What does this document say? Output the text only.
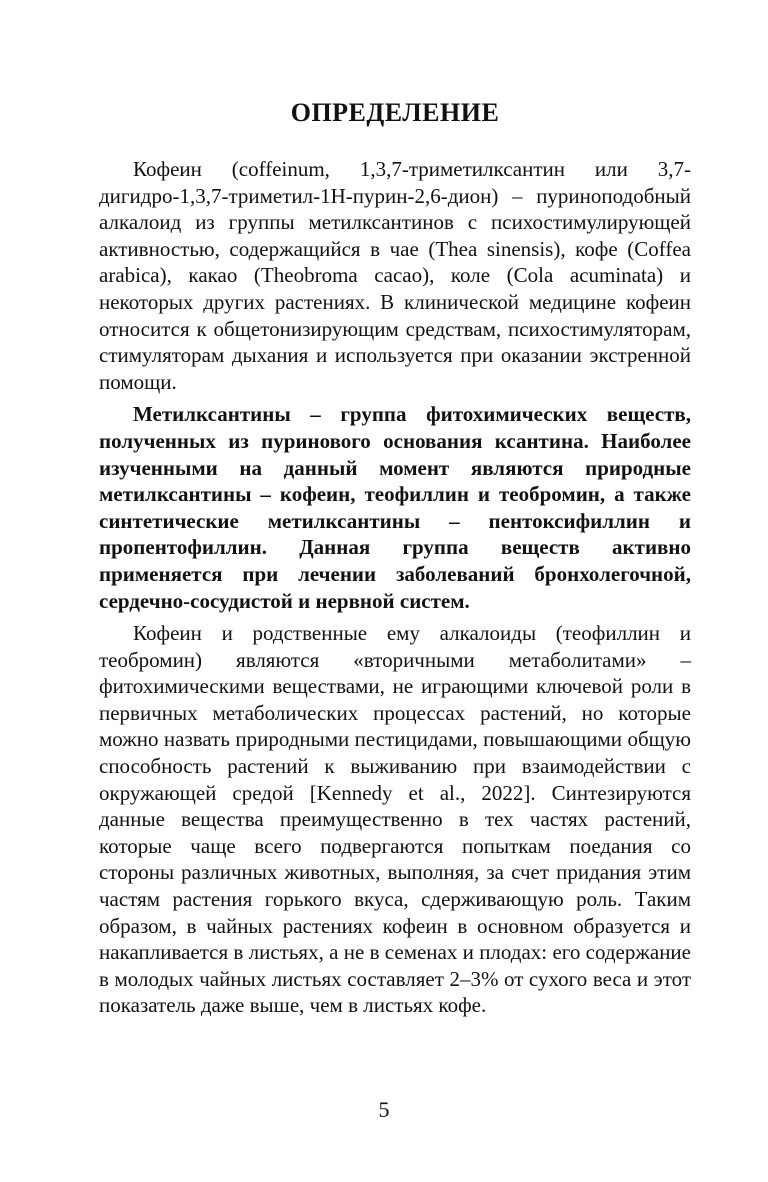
ОПРЕДЕЛЕНИЕ

Кофеин (coffeinum, 1,3,7-триметилксантин или 3,7-дигидро-1,3,7-триметил-1Н-пурин-2,6-дион) – пуриноподобный алкалоид из группы метилксантинов с психостимулирующей активностью, содержащийся в чае (Thea sinensis), кофе (Coffea arabica), какао (Theobroma cacao), коле (Cola acuminata) и некоторых других растениях. В клинической медицине кофеин относится к общетонизирующим средствам, психостимуляторам, стимуляторам дыхания и используется при оказании экстренной помощи.

Метилксантины – группа фитохимических веществ, полученных из пуринового основания ксантина. Наиболее изученными на данный момент являются природные метилксантины – кофеин, теофиллин и теобромин, а также синтетические метилксантины – пентоксифиллин и пропентофиллин. Данная группа веществ активно применяется при лечении заболеваний бронхолегочной, сердечно-сосудистой и нервной систем.

Кофеин и родственные ему алкалоиды (теофиллин и теобромин) являются «вторичными метаболитами» – фитохимическими веществами, не играющими ключевой роли в первичных метаболических процессах растений, но которые можно назвать природными пестицидами, повышающими общую способность растений к выживанию при взаимодействии с окружающей средой [Kennedy et al., 2022]. Синтезируются данные вещества преимущественно в тех частях растений, которые чаще всего подвергаются попыткам поедания со стороны различных животных, выполняя, за счет придания этим частям растения горького вкуса, сдерживающую роль. Таким образом, в чайных растениях кофеин в основном образуется и накапливается в листьях, а не в семенах и плодах: его содержание в молодых чайных листьях составляет 2–3% от сухого веса и этот показатель даже выше, чем в листьях кофе.

5
